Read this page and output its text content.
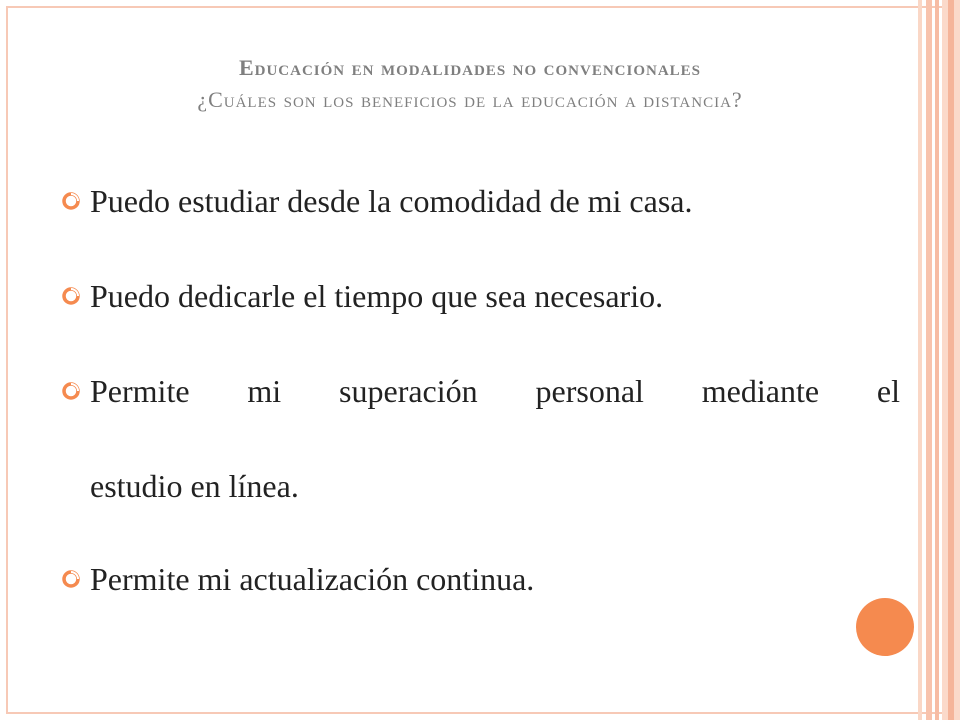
Educación en modalidades no convencionales
¿Cuáles son los beneficios de la educación a distancia?
Puedo estudiar desde la comodidad de mi casa.
Puedo dedicarle el tiempo que sea necesario.
Permite mi superación personal mediante el
estudio en línea.
Permite mi actualización continua.
